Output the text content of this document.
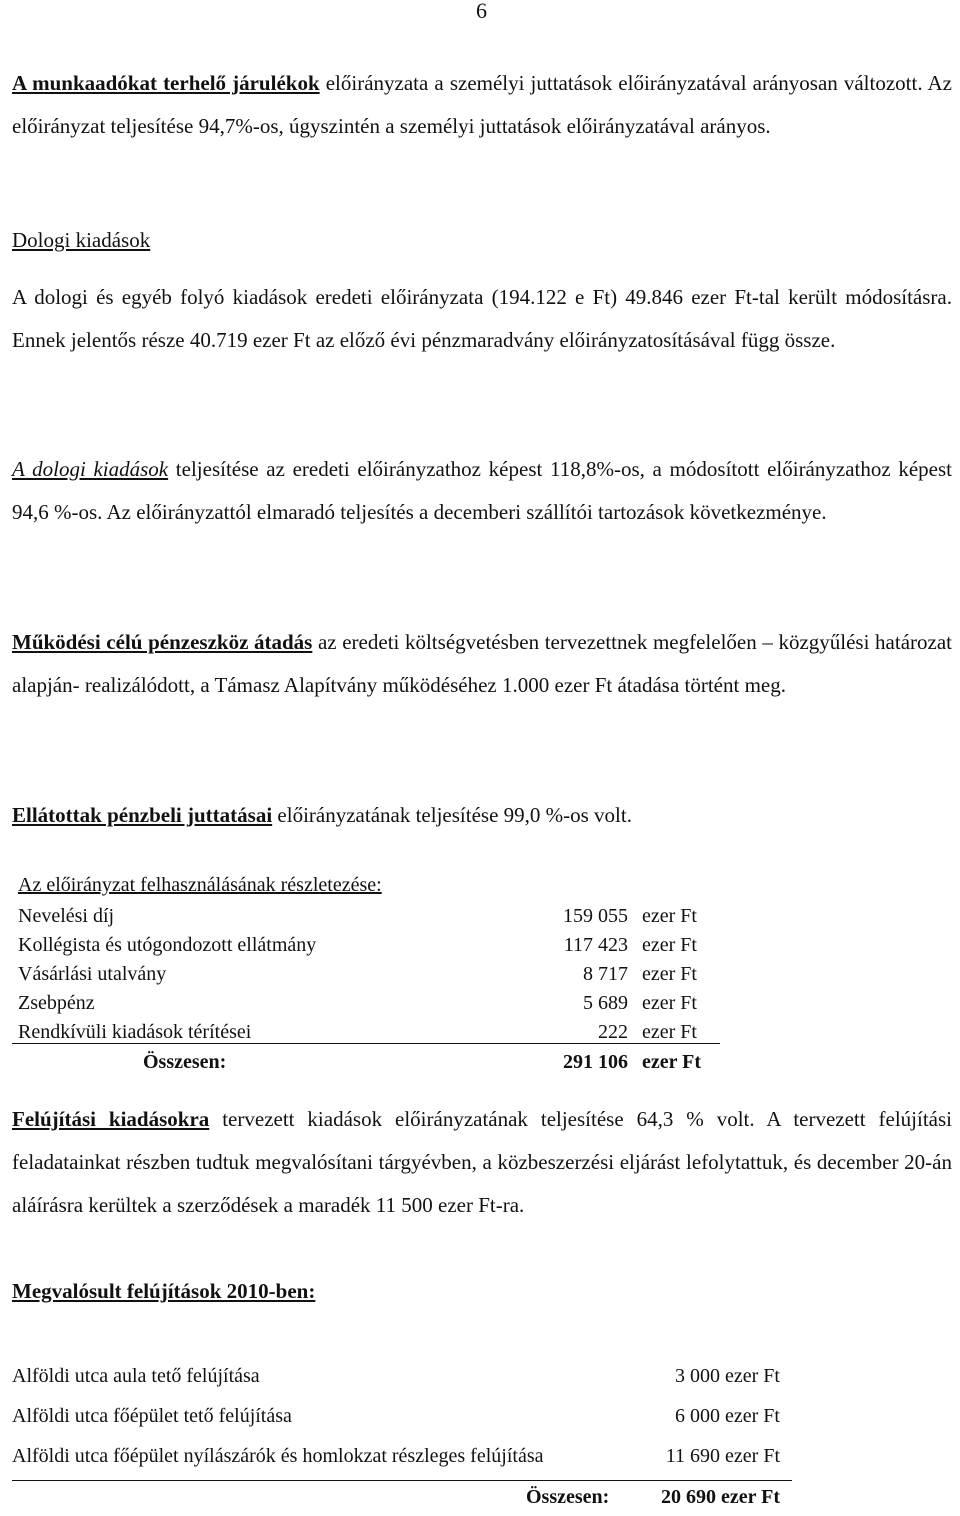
6

A munkaadókat terhelő járulékok előirányzata a személyi juttatások előirányzatával arányosan változott. Az előirányzat teljesítése 94,7%-os, úgyszintén a személyi juttatások előirányzatával arányos.

Dologi kiadások

A dologi és egyéb folyó kiadások eredeti előirányzata (194.122 e Ft) 49.846 ezer Ft-tal került módosításra. Ennek jelentős része 40.719 ezer Ft az előző évi pénzmaradvány előirányzatosításával függ össze.

A dologi kiadások teljesítése az eredeti előirányzathoz képest 118,8%-os, a módosított előirányzathoz képest 94,6 %-os. Az előirányzattól elmaradó teljesítés a decemberi szállítói tartozások következménye.

Működési célú pénzeszköz átadás az eredeti költségvetésben tervezettnek megfelelően – közgyűlési határozat alapján- realizálódott, a Támasz Alapítvány működéséhez 1.000 ezer Ft átadása történt meg.

Ellátottak pénzbeli juttatásai előirányzatának teljesítése 99,0 %-os volt.

Az előirányzat felhasználásának részletezése:
Nevelési díj	159 055 ezer Ft
Kollégista és utógondozott ellátmány	117 423 ezer Ft
Vásárlási utalvány	8 717 ezer Ft
Zsebpénz	5 689 ezer Ft
Rendkívüli kiadások térítései	222 ezer Ft
Összesen:	291 106 ezer Ft

Felújítási kiadásokra tervezett kiadások előirányzatának teljesítése 64,3 % volt. A tervezett felújítási feladatainkat részben tudtuk megvalósítani tárgyévben, a közbeszerzési eljárást lefolytattuk, és december 20-án aláírásra kerültek a szerződések a maradék 11 500 ezer Ft-ra.

Megvalósult felújítások 2010-ben:
Alföldi utca aula tető felújítása	3 000 ezer Ft
Alföldi utca főépület tető felújítása	6 000 ezer Ft
Alföldi utca főépület nyílászárók és homlokzat részleges felújítása	11 690 ezer Ft
Összesen:	20 690 ezer Ft
